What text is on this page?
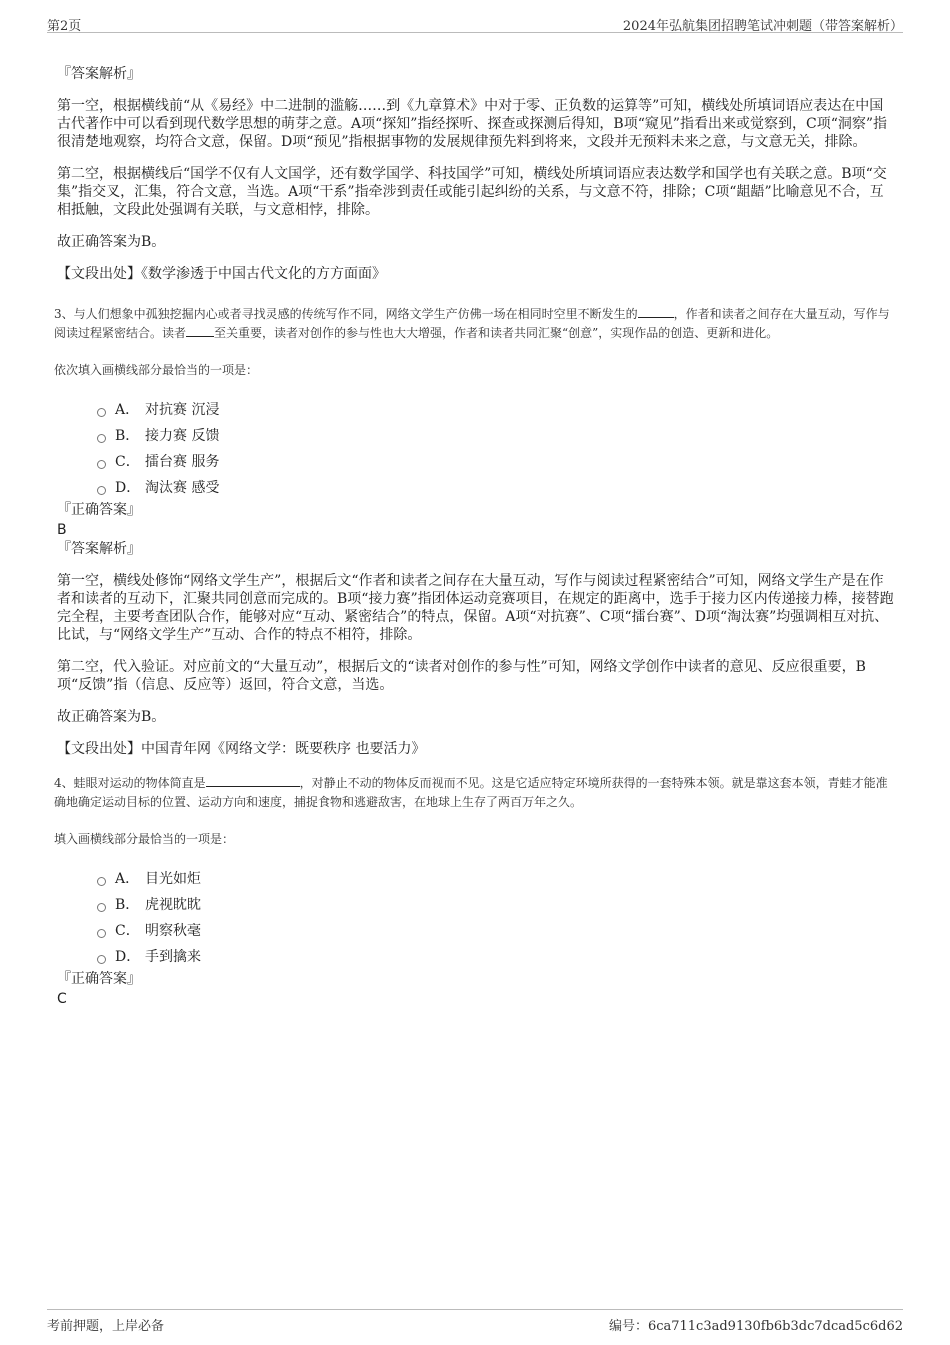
第2页	2024年弘航集团招聘笔试冲刺题（带答案解析）
『答案解析』

第一空，根据横线前“从《易经》中二进制的滥觞……到《九章算术》中对于零、正负数的运算等”可知，横线处所填词语应表达在中国古代著作中可以看到现代数学思想的萌芽之意。A项“探知”指经探听、探查或探测后得知，B项“窥见”指看出来或觉察到，C项“洞察”指很清楚地观察，均符合文意，保留。D项“预见”指根据事物的发展规律预先料到将来，文段并无预料未来之意，与文意无关，排除。

第二空，根据横线后“国学不仅有人文国学，还有数学国学、科技国学”可知，横线处所填词语应表达数学和国学也有关联之意。B项“交集”指交叉，汇集，符合文意，当选。A项“干系”指牵涉到责任或能引起纠纷的关系，与文意不符，排除；C项“龃龉”比喻意见不合，互相抵触，文段此处强调有关联，与文意相悖，排除。

故正确答案为B。

【文段出处】《数学渗透于中国古代文化的方方面面》

3、与人们想象中孤独挖掘内心或者寻找灵感的传统写作不同，网络文学生产仿佛一场在相同时空里不断发生的	，作者和读者之间存在大量互动，写作与阅读过程紧密结合。读者 至关重要，读者对创作的参与性也大大增强，作者和读者共同汇聚“创意”，实现作品的创造、更新和进化。
依次填入画横线部分最恰当的一项是：
A． 对抗赛 沉浸
B． 接力赛 反馈
C． 擂台赛 服务
D． 淘汰赛 感受
『正确答案』
B
『答案解析』

第一空，横线处修饰“网络文学生产”，根据后文“作者和读者之间存在大量互动，写作与阅读过程紧密结合”可知，网络文学生产是在作者和读者的互动下，汇聚共同创意而完成的。B项“接力赛”指团体运动竞赛项目，在规定的距离中，选手于接力区内传递接力棒，接替跑完全程，主要考查团队合作，能够对应“互动、紧密结合”的特点，保留。A项“对抗赛”、C项“擂台赛”、D项“淘汰赛”均强调相互对抗、比试，与“网络文学生产”互动、合作的特点不相符，排除。

第二空，代入验证。对应前文的“大量互动”，根据后文的“读者对创作的参与性”可知，网络文学创作中读者的意见、反应很重要，B项“反馈”指（信息、反应等）返回，符合文意，当选。

故正确答案为B。

【文段出处】中国青年网《网络文学：既要秩序 也要活力》

4、蛙眼对运动的物体简直是	，对静止不动的物体反而视而不见。这是它适应特定环境所获得的一套特殊本领。就是靠这套本领，青蛙才能准确地确定运动目标的位置、运动方向和速度，捕捉食物和逃避敌害，在地球上生存了两百万年之久。
填入画横线部分最恰当的一项是：
A． 目光如炬
B． 虎视眈眈
C． 明察秋毫
D． 手到擒来
『正确答案』
C
考前押题，上岸必备	编号：6ca711c3ad9130fb6b3dc7dcad5c6d62
